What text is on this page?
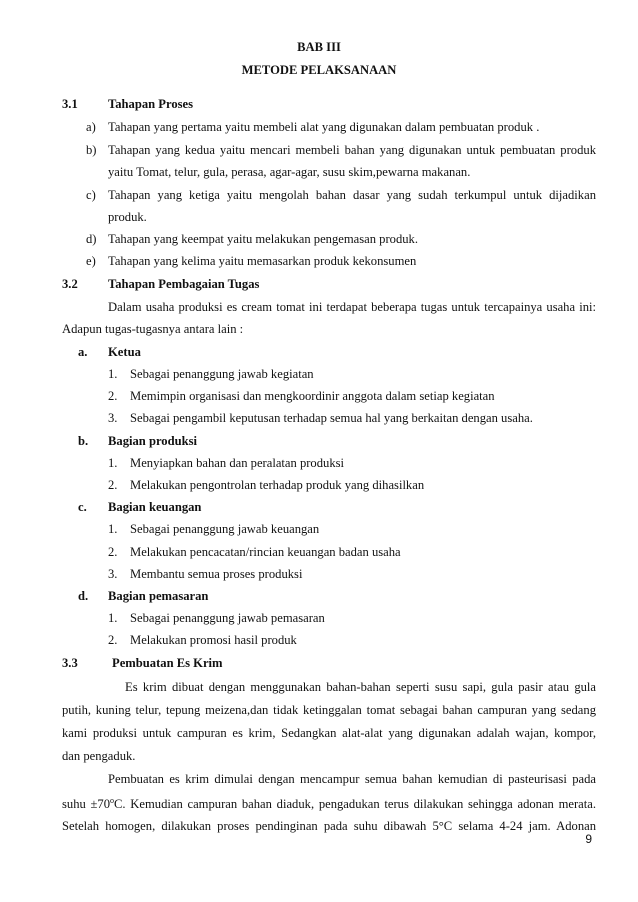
BAB III
METODE PELAKSANAAN
3.1 Tahapan Proses
a) Tahapan yang pertama yaitu membeli alat yang digunakan dalam pembuatan produk .
b) Tahapan yang kedua yaitu mencari membeli bahan yang digunakan untuk pembuatan produk
yaitu Tomat, telur, gula, perasa, agar-agar, susu skim,pewarna makanan.
c) Tahapan yang ketiga yaitu mengolah bahan dasar yang sudah terkumpul untuk dijadikan
produk.
d) Tahapan yang keempat yaitu melakukan pengemasan produk.
e) Tahapan yang kelima yaitu memasarkan produk kekonsumen
3.2 Tahapan Pembagaian Tugas
Dalam usaha produksi es cream tomat ini terdapat beberapa tugas untuk tercapainya usaha ini:
Adapun tugas-tugasnya antara lain :
a. Ketua
1. Sebagai penanggung jawab kegiatan
2. Memimpin organisasi dan mengkoordinir anggota dalam setiap kegiatan
3. Sebagai pengambil keputusan terhadap semua hal yang berkaitan dengan usaha.
b. Bagian produksi
1. Menyiapkan bahan dan peralatan produksi
2. Melakukan pengontrolan terhadap produk yang dihasilkan
c. Bagian keuangan
1. Sebagai penanggung jawab keuangan
2. Melakukan pencacatan/rincian keuangan badan usaha
3. Membantu semua proses produksi
d. Bagian pemasaran
1. Sebagai penanggung jawab pemasaran
2. Melakukan promosi hasil produk
3.3	Pembuatan Es Krim
Es krim dibuat dengan menggunakan bahan-bahan seperti susu sapi, gula pasir atau gula
putih, kuning telur, tepung meizena,dan tidak ketinggalan tomat sebagai bahan campuran yang sedang
kami produksi untuk campuran es krim, Sedangkan alat-alat yang digunakan adalah wajan, kompor,
dan pengaduk.
Pembuatan es krim dimulai dengan mencampur semua bahan kemudian di pasteurisasi pada
suhu $\pm 70^oC$. Kemudian campuran bahan diaduk, pengadukan terus dilakukan sehingga adonan merata.
Setelah homogen, dilakukan proses pendinginan pada suhu dibawah 5°C selama 4-24 jam. Adonan
9
